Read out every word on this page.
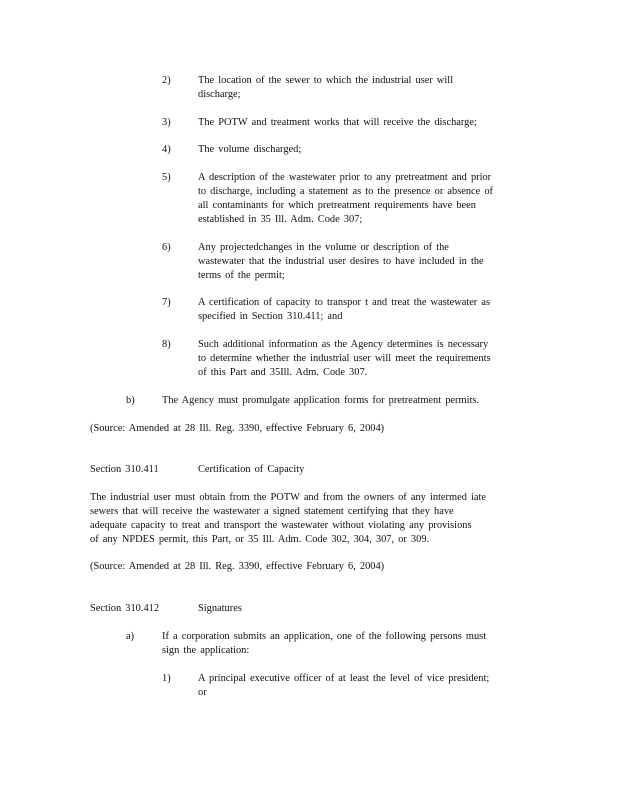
2)	The location of the sewer to which the industrial user will
discharge;
3)	The POTW and treatment works that will receive the discharge;
4)	The volume discharged;
5)	A description of the wastewater prior to any pretreatment and prior
to discharge, including a statement as to the presence or absence of
all contaminants for which pretreatment requirements have been
established in 35 Ill. Adm. Code 307;
6)	Any projectedchanges in the volume or description of the
wastewater that the industrial user desires to have included in the
terms of the permit;
7)	A certification of capacity to transpor t and treat the wastewater as
specified in Section 310.411; and
8)	Such additional information as the Agency determines is necessary
to determine whether the industrial user will meet the requirements
of this Part and 35Ill. Adm. Code 307.
b)	The Agency must promulgate application forms for pretreatment permits.
(Source: Amended at 28 Ill. Reg. 3390, effective February 6, 2004)
Section 310.411	Certification of Capacity
The industrial user must obtain from the POTW and from the owners of any intermed iate
sewers that will receive the wastewater a signed statement certifying that they have
adequate capacity to treat and transport the wastewater without violating any provisions
of any NPDES permit, this Part, or 35 Ill. Adm. Code 302, 304, 307, or 309.
(Source: Amended at 28 Ill. Reg. 3390, effective February 6, 2004)
Section 310.412	Signatures
a)	If a corporation submits an application, one of the following persons must
sign the application:
1)	A principal executive officer of at least the level of vice president;
or
